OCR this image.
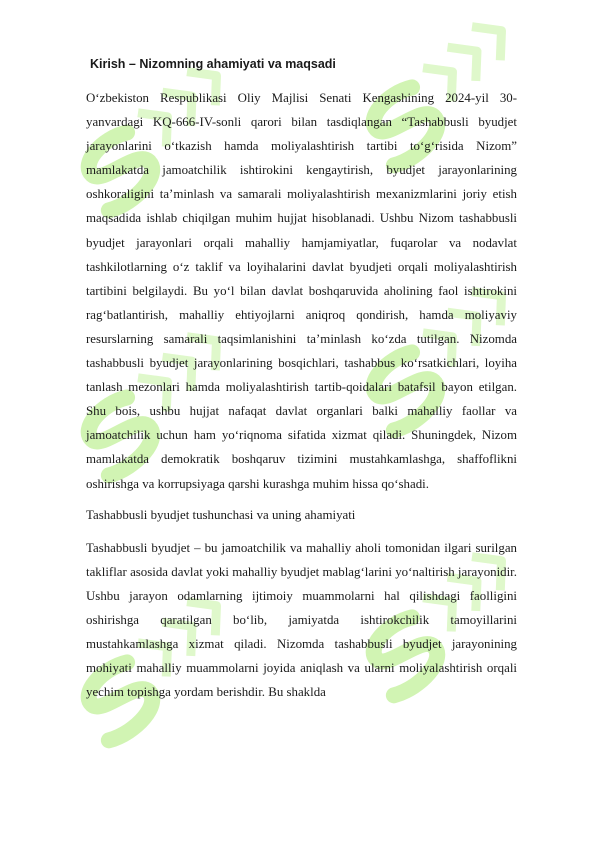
Kirish – Nizomning ahamiyati va maqsadi

O‘zbekiston Respublikasi Oliy Majlisi Senati Kengashining 2024-yil 30-yanvardagi KQ-666-IV-sonli qarori bilan tasdiqlangan “Tashabbusli byudjet jarayonlarini o‘tkazish hamda moliyalashtirish tartibi to‘g‘risida Nizom” mamlakatda jamoatchilik ishtirokini kengaytirish, byudjet jarayonlarining oshkoraligini ta’minlash va samarali moliyalashtirish mexanizmlarini joriy etish maqsadida ishlab chiqilgan muhim hujjat hisoblanadi. Ushbu Nizom tashabbusli byudjet jarayonlari orqali mahalliy hamjamiyatlar, fuqarolar va nodavlat tashkilotlarning o‘z taklif va loyihalarini davlat byudjeti orqali moliyalashtirish tartibini belgilaydi. Bu yo‘l bilan davlat boshqaruvida aholining faol ishtirokini rag‘batlantirish, mahalliy ehtiyojlarni aniqroq qondirish, hamda moliyaviy resurslarning samarali taqsimlanishini ta’minlash ko‘zda tutilgan. Nizomda tashabbusli byudjet jarayonlarining bosqichlari, tashabbus ko‘rsatkichlari, loyiha tanlash mezonlari hamda moliyalashtirish tartib-qoidalari batafsil bayon etilgan. Shu bois, ushbu hujjat nafaqat davlat organlari balki mahalliy faollar va jamoatchilik uchun ham yo‘riqnoma sifatida xizmat qiladi. Shuningdek, Nizom mamlakatda demokratik boshqaruv tizimini mustahkamlashga, shaffoflikni oshirishga va korrupsiyaga qarshi kurashga muhim hissa qo‘shadi.

Tashabbusli byudjet tushunchasi va uning ahamiyati

Tashabbusli byudjet – bu jamoatchilik va mahalliy aholi tomonidan ilgari surilgan takliflar asosida davlat yoki mahalliy byudjet mablag‘larini yo‘naltirish jarayonidir. Ushbu jarayon odamlarning ijtimoiy muammolarni hal qilishdagi faolligini oshirishga qaratilgan bo‘lib, jamiyatda ishtirokchilik tamoyillarini mustahkamlashga xizmat qiladi. Nizomda tashabbusli byudjet jarayonining mohiyati mahalliy muammolarni joyida aniqlash va ularni moliyalashtirish orqali yechim topishga yordam berishdir. Bu shaklda
